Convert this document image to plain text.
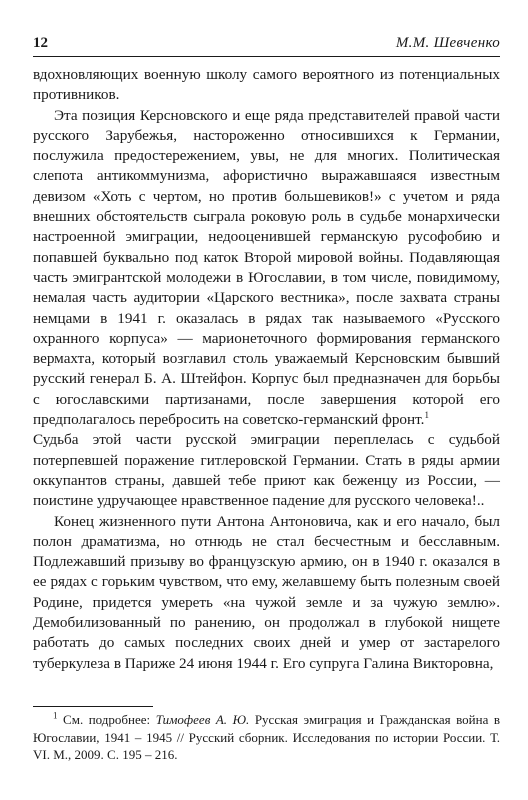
12	М.М. Шевченко

вдохновляющих военную школу самого вероятного из потенциальных противников.

Эта позиция Керсновского и еще ряда представителей правой части русского Зарубежья, настороженно относившихся к Германии, послужила предостережением, увы, не для многих. Политическая слепота антикоммунизма, афористично выражавшаяся известным девизом «Хоть с чертом, но против большевиков!» с учетом и ряда внешних обстоятельств сыграла роковую роль в судьбе монархически настроенной эмиграции, недооценившей германскую русофобию и попавшей буквально под каток Второй мировой войны. Подавляющая часть эмигрантской молодежи в Югославии, в том числе, повидимому, немалая часть аудитории «Царского вестника», после захвата страны немцами в 1941 г. оказалась в рядах так называемого «Русского охранного корпуса» — марионеточного формирования германского вермахта, который возглавил столь уважаемый Керсновским бывший русский генерал Б. А. Штейфон. Корпус был предназначен для борьбы с югославскими партизанами, после завершения которой его предполагалось перебросить на советско-германский фронт.$^1$

Судьба этой части русской эмиграции переплелась с судьбой потерпевшей поражение гитлеровской Германии. Стать в ряды армии оккупантов страны, давшей тебе приют как беженцу из России, — поистине удручающее нравственное падение для русского человека!..

Конец жизненного пути Антона Антоновича, как и его начало, был полон драматизма, но отнюдь не стал бесчестным и бесславным. Подлежавший призыву во французскую армию, он в 1940 г. оказался в ее рядах с горьким чувством, что ему, желавшему быть полезным своей Родине, придется умереть «на чужой земле и за чужую землю». Демобилизованный по ранению, он продолжал в глубокой нищете работать до самых последних своих дней и умер от застарелого туберкулеза в Париже 24 июня 1944 г. Его супруга Галина Викторовна,

$^1$ См. подробнее: Тимофеев А. Ю. Русская эмиграция и Гражданская война в Югославии, 1941 – 1945 // Русский сборник. Исследования по истории России. Т. VI. М., 2009. С. 195 – 216.
